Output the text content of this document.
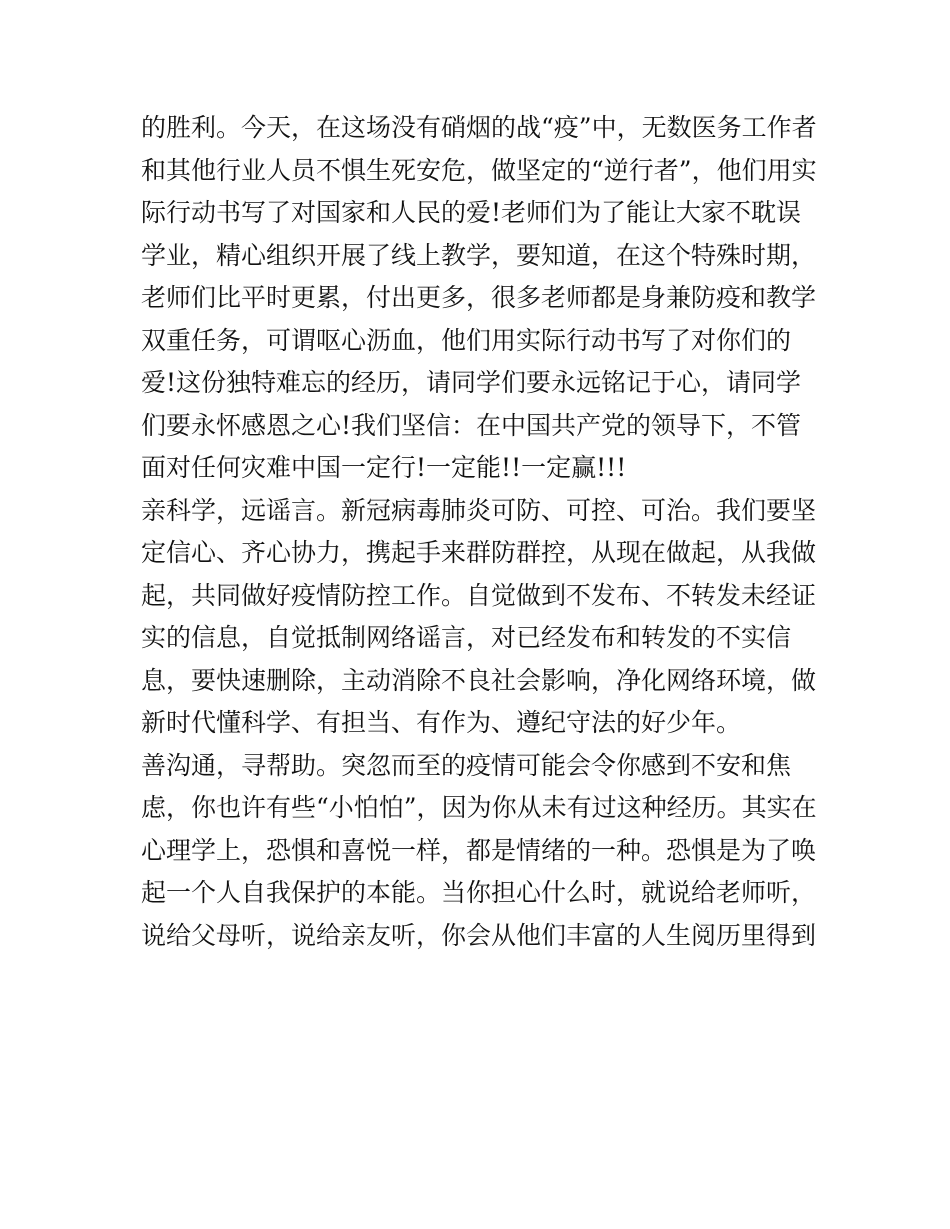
的胜利。今天，在这场没有硝烟的战“疫”中，无数医务工作者
和其他行业人员不惧生死安危，做坚定的“逆行者”，他们用实
际行动书写了对国家和人民的爱!老师们为了能让大家不耽误
学业，精心组织开展了线上教学，要知道，在这个特殊时期，
老师们比平时更累，付出更多，很多老师都是身兼防疫和教学
双重任务，可谓呕心沥血，他们用实际行动书写了对你们的
爱!这份独特难忘的经历，请同学们要永远铭记于心，请同学
们要永怀感恩之心!我们坚信：在中国共产党的领导下，不管
面对任何灾难中国一定行!一定能!!一定赢!!!
亲科学，远谣言。新冠病毒肺炎可防、可控、可治。我们要坚
定信心、齐心协力，携起手来群防群控，从现在做起，从我做
起，共同做好疫情防控工作。自觉做到不发布、不转发未经证
实的信息，自觉抵制网络谣言，对已经发布和转发的不实信
息，要快速删除，主动消除不良社会影响，净化网络环境，做
新时代懂科学、有担当、有作为、遵纪守法的好少年。
善沟通，寻帮助。突忽而至的疫情可能会令你感到不安和焦
虑，你也许有些“小怕怕”，因为你从未有过这种经历。其实在
心理学上，恐惧和喜悦一样，都是情绪的一种。恐惧是为了唤
起一个人自我保护的本能。当你担心什么时，就说给老师听，
说给父母听，说给亲友听，你会从他们丰富的人生阅历里得到
